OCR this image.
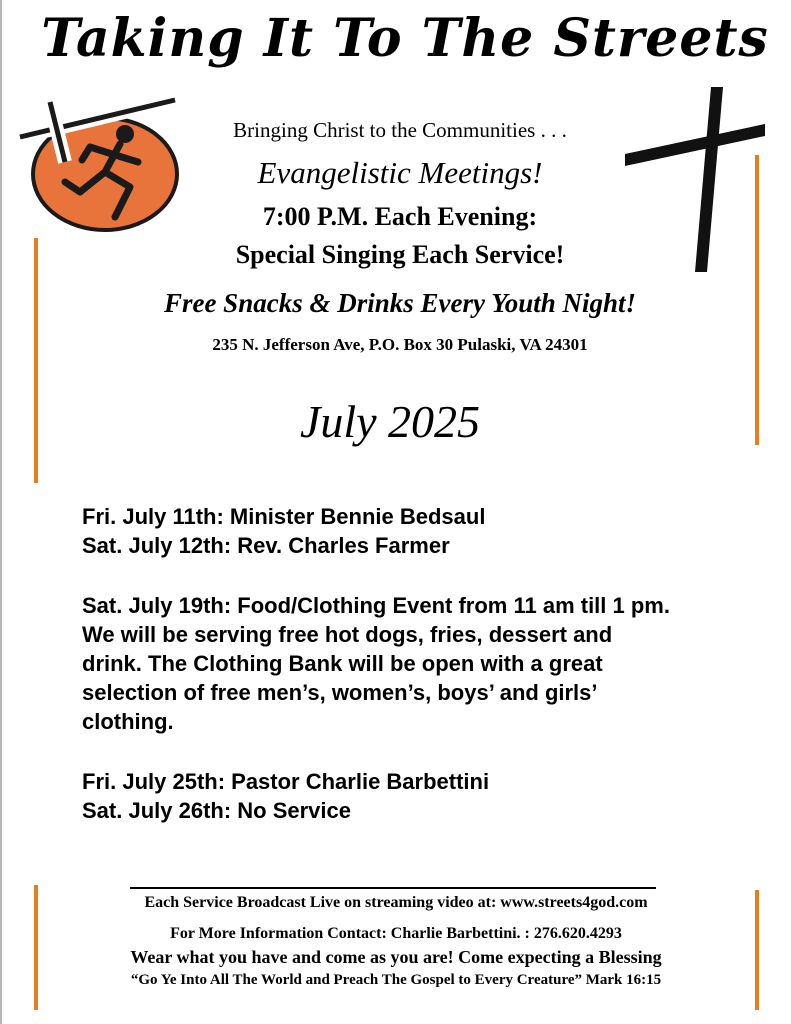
Taking It To The Streets
Bringing Christ to the Communities . . .
Evangelistic Meetings!
7:00 P.M. Each Evening:
Special Singing Each Service!
Free Snacks & Drinks Every Youth Night!
235 N. Jefferson Ave, P.O. Box 30 Pulaski, VA 24301
July 2025
Fri. July 11th: Minister Bennie Bedsaul
Sat. July 12th: Rev. Charles Farmer
Sat. July 19th: Food/Clothing Event from 11 am till 1 pm.
We will be serving free hot dogs, fries, dessert and
drink. The Clothing Bank will be open with a great
selection of free men’s, women’s, boys’ and girls’
clothing.
Fri. July 25th: Pastor Charlie Barbettini
Sat. July 26th: No Service
Each Service Broadcast Live on streaming video at: www.streets4god.com
For More Information Contact: Charlie Barbettini. : 276.620.4293
Wear what you have and come as you are! Come expecting a Blessing
“Go Ye Into All The World and Preach The Gospel to Every Creature” Mark 16:15
